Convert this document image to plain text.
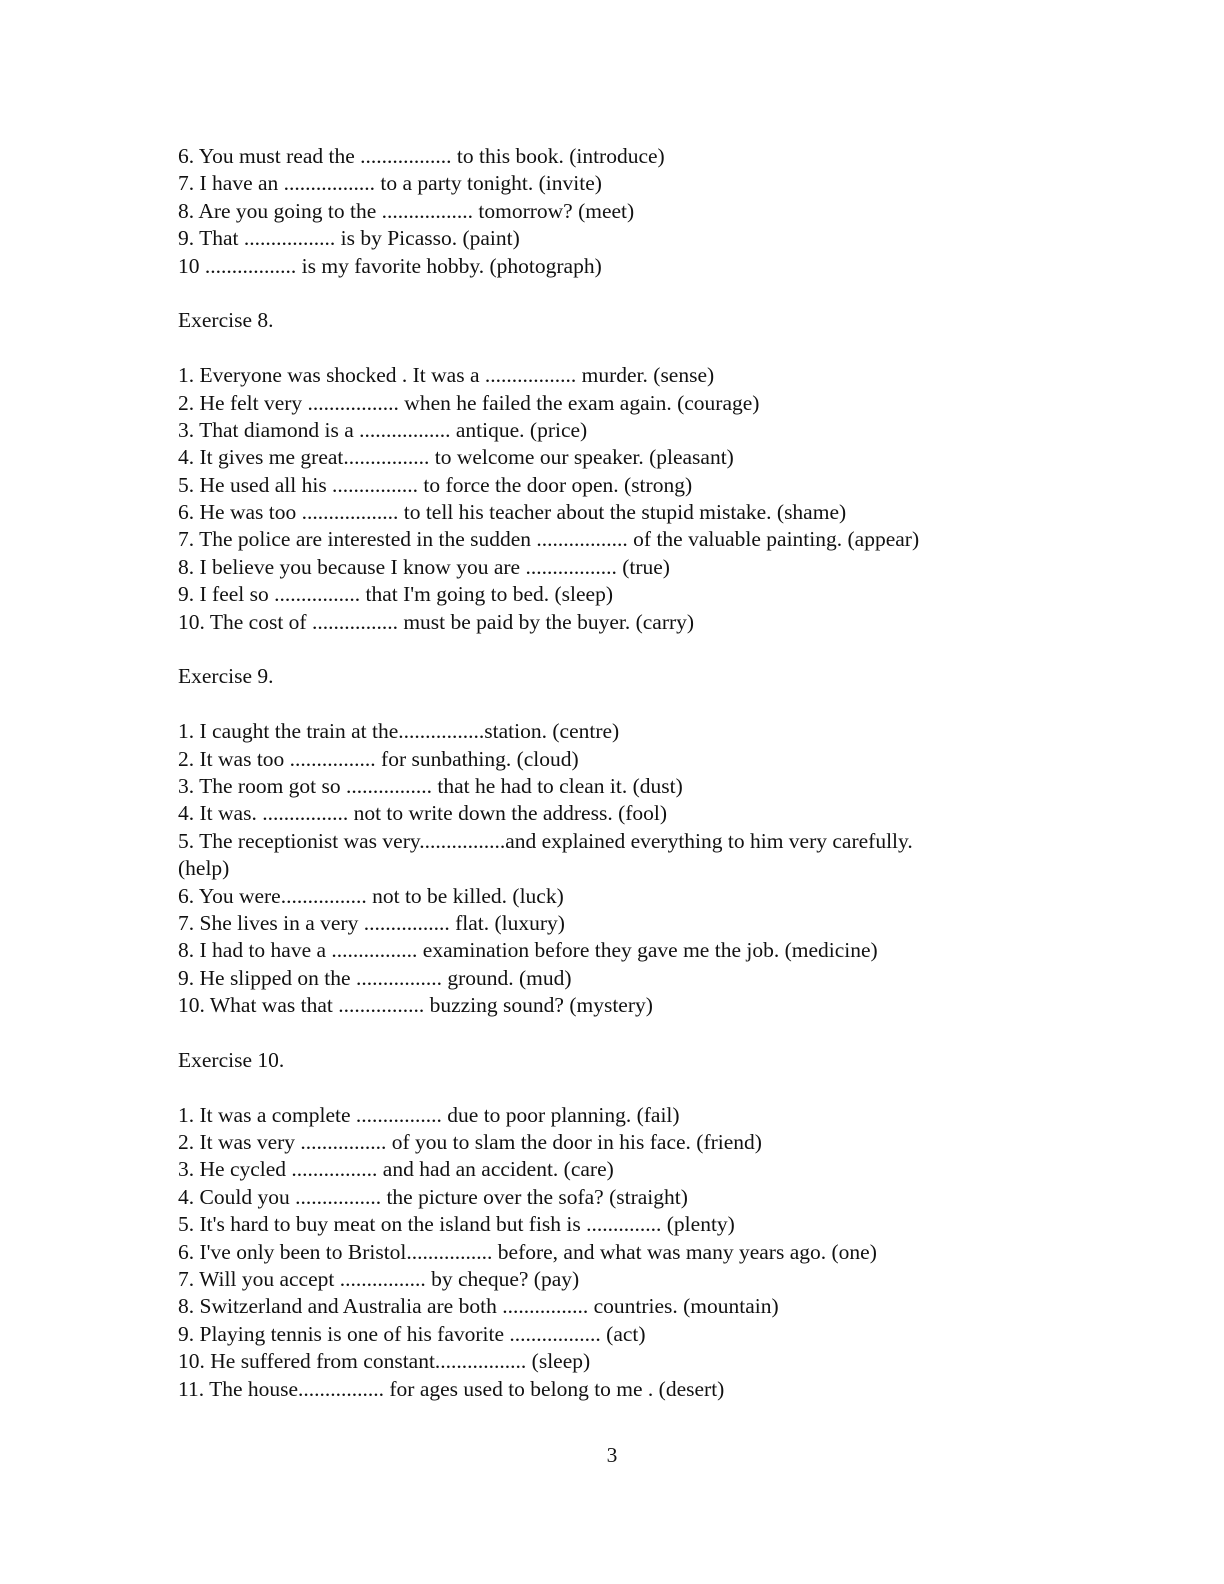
6. You must read the ................. to this book. (introduce)
7. I have an ................. to a party tonight. (invite)
8. Are you going to the ................. tomorrow? (meet)
9. That ................. is by Picasso. (paint)
10 ................. is my favorite hobby. (photograph)
Exercise 8.
1. Everyone was shocked . It was a ................. murder. (sense)
2. He felt very ................. when he failed the exam again. (courage)
3. That diamond is a ................. antique. (price)
4. It gives me great................ to welcome our speaker. (pleasant)
5. He used all his ................ to force the door open. (strong)
6. He was too .................. to tell his teacher about the stupid mistake. (shame)
7. The police are interested in the sudden ................. of the valuable painting. (appear)
8. I believe you because I know you are ................. (true)
9. I feel so ................ that I'm going to bed. (sleep)
10. The cost of ................ must be paid by the buyer. (carry)
Exercise 9.
1. I caught the train at the................station. (centre)
2. It was too ................ for sunbathing. (cloud)
3. The room got so ................ that he had to clean it. (dust)
4. It was. ................ not to write down the address. (fool)
5. The receptionist was very................and explained everything to him very carefully.
(help)
6. You were................ not to be killed. (luck)
7. She lives in a very ................ flat. (luxury)
8. I had to have a ................ examination before they gave me the job. (medicine)
9. He slipped on the ................ ground. (mud)
10. What was that ................ buzzing sound? (mystery)
Exercise 10.
1. It was a complete ................ due to poor planning. (fail)
2. It was very ................ of you to slam the door in his face. (friend)
3. He cycled ................ and had an accident. (care)
4. Could you ................ the picture over the sofa? (straight)
5. It's hard to buy meat on the island but fish is .............. (plenty)
6. I've only been to Bristol................ before, and what was many years ago. (one)
7. Will you accept ................ by cheque? (pay)
8. Switzerland and Australia are both ................ countries. (mountain)
9. Playing tennis is one of his favorite ................. (act)
10. He suffered from constant................. (sleep)
11. The house................ for ages used to belong to me . (desert)
3
